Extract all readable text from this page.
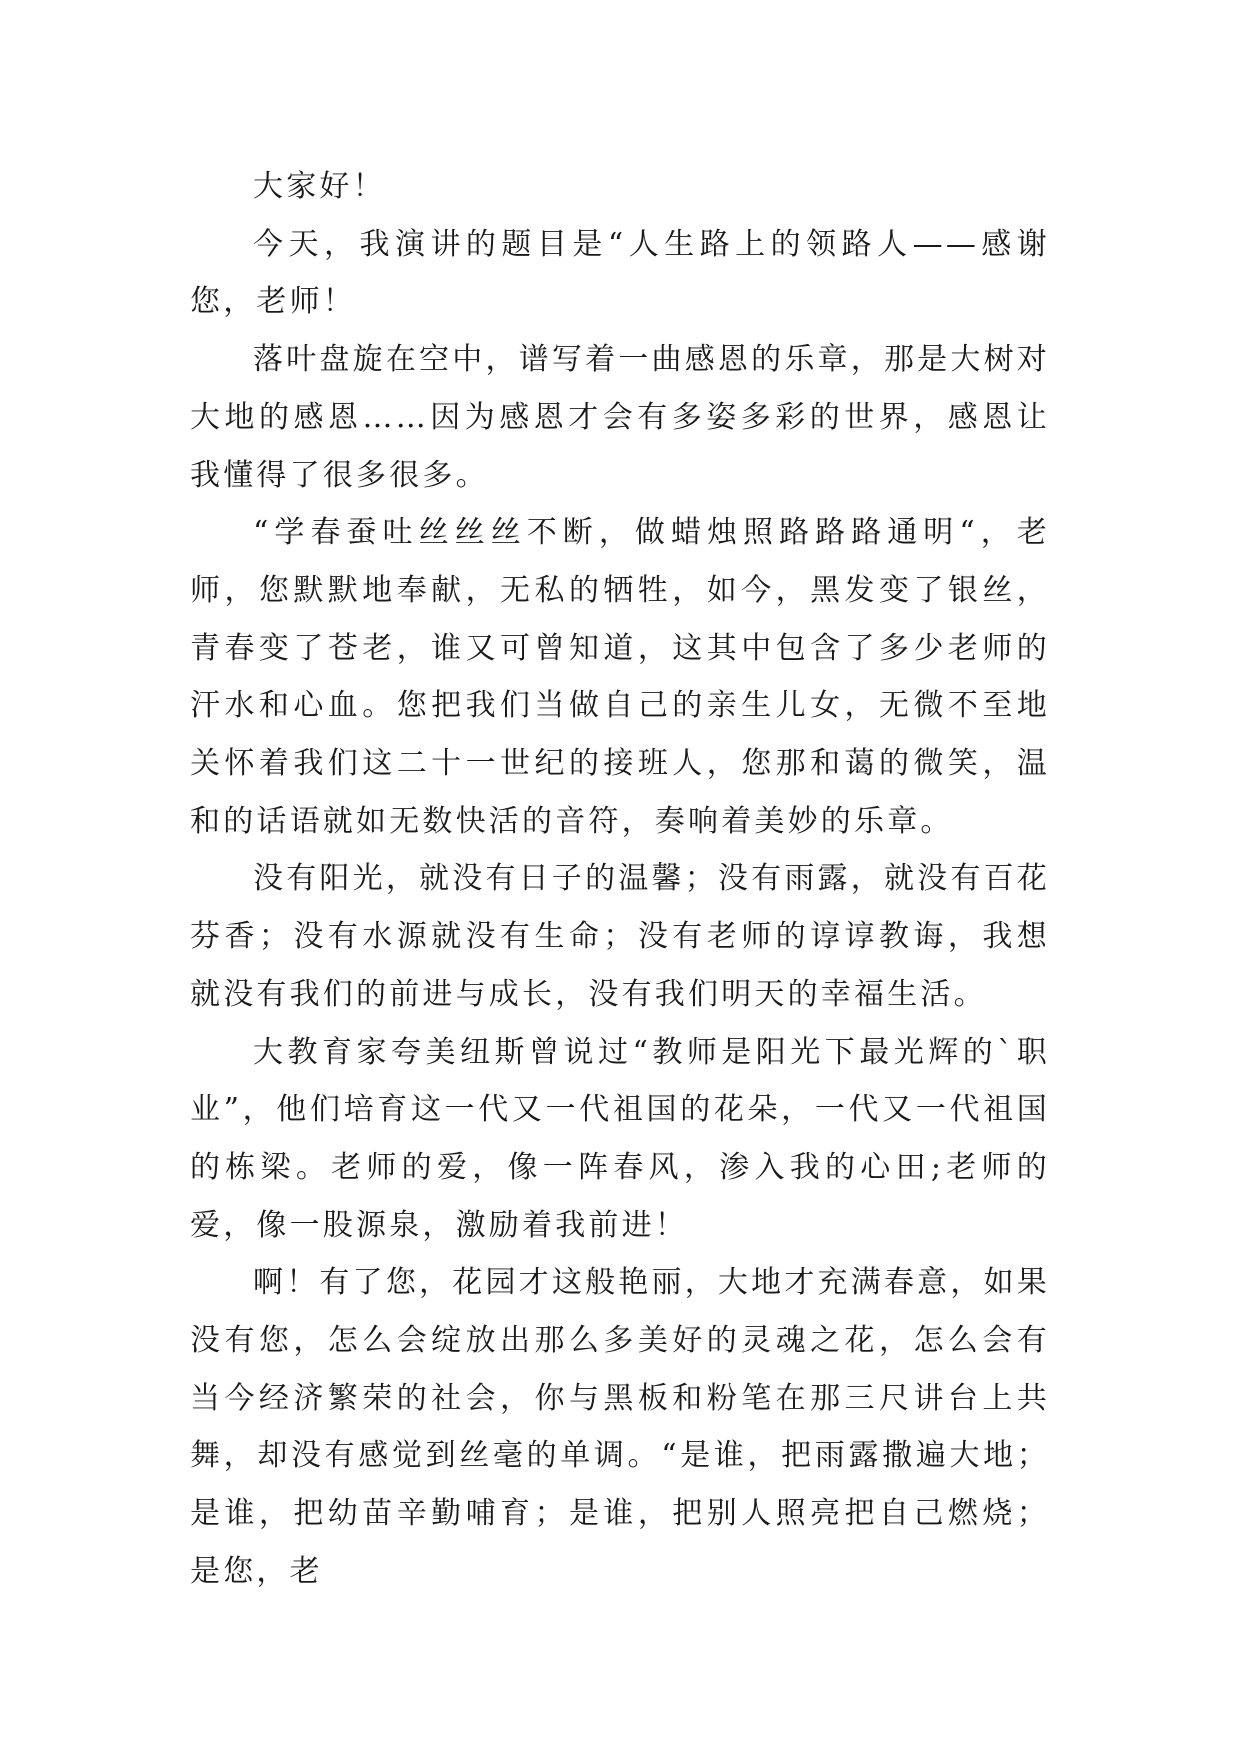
大家好！

今天，我演讲的题目是“人生路上的领路人——感谢您，老师！

落叶盘旋在空中，谱写着一曲感恩的乐章，那是大树对大地的感恩……因为感恩才会有多姿多彩的世界，感恩让我懂得了很多很多。

“学春蚕吐丝丝丝不断，做蜡烛照路路路通明“，老师，您默默地奉献，无私的牺牲，如今，黑发变了银丝，青春变了苍老，谁又可曾知道，这其中包含了多少老师的汗水和心血。您把我们当做自己的亲生儿女，无微不至地关怀着我们这二十一世纪的接班人，您那和蔼的微笑，温和的话语就如无数快活的音符，奏响着美妙的乐章。

没有阳光，就没有日子的温馨；没有雨露，就没有百花芬香；没有水源就没有生命；没有老师的谆谆教诲，我想就没有我们的前进与成长，没有我们明天的幸福生活。

大教育家夸美纽斯曾说过“教师是阳光下最光辉的`职业”，他们培育这一代又一代祖国的花朵，一代又一代祖国的栋梁。老师的爱，像一阵春风，渗入我的心田;老师的爱，像一股源泉，激励着我前进！

啊！有了您，花园才这般艳丽，大地才充满春意，如果没有您，怎么会绽放出那么多美好的灵魂之花，怎么会有当今经济繁荣的社会，你与黑板和粉笔在那三尺讲台上共舞，却没有感觉到丝毫的单调。“是谁，把雨露撒遍大地；是谁，把幼苗辛勤哺育；是谁，把别人照亮把自己燃烧；是您，老
